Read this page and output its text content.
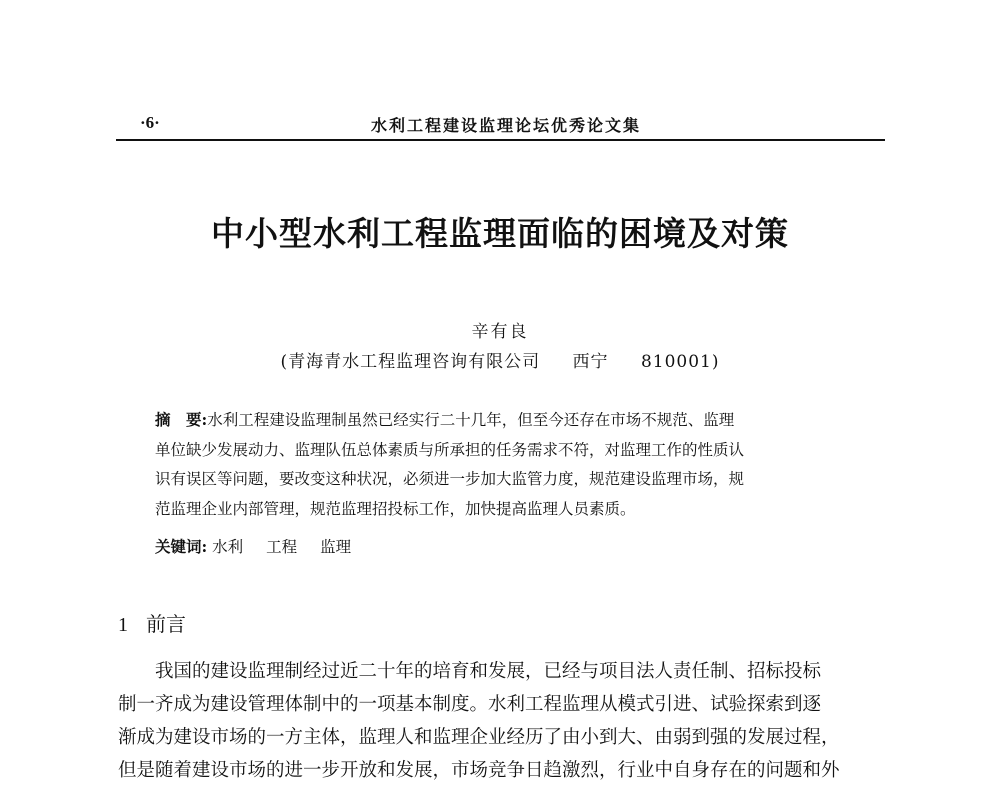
·6·	水利工程建设监理论坛优秀论文集
中小型水利工程监理面临的困境及对策
辛有良
(青海青水工程监理咨询有限公司 西宁 810001)
摘　要:水利工程建设监理制虽然已经实行二十几年，但至今还存在市场不规范、监理
单位缺少发展动力、监理队伍总体素质与所承担的任务需求不符，对监理工作的性质认
识有误区等问题，要改变这种状况，必须进一步加大监管力度，规范建设监理市场，规
范监理企业内部管理，规范监理招投标工作，加快提高监理人员素质。
关键词: 水利 工程 监理
1 前言
我国的建设监理制经过近二十年的培育和发展，已经与项目法人责任制、招标投标
制一齐成为建设管理体制中的一项基本制度。水利工程监理从模式引进、试验探索到逐
渐成为建设市场的一方主体，监理人和监理企业经历了由小到大、由弱到强的发展过程，
但是随着建设市场的进一步开放和发展，市场竞争日趋激烈，行业中自身存在的问题和外
